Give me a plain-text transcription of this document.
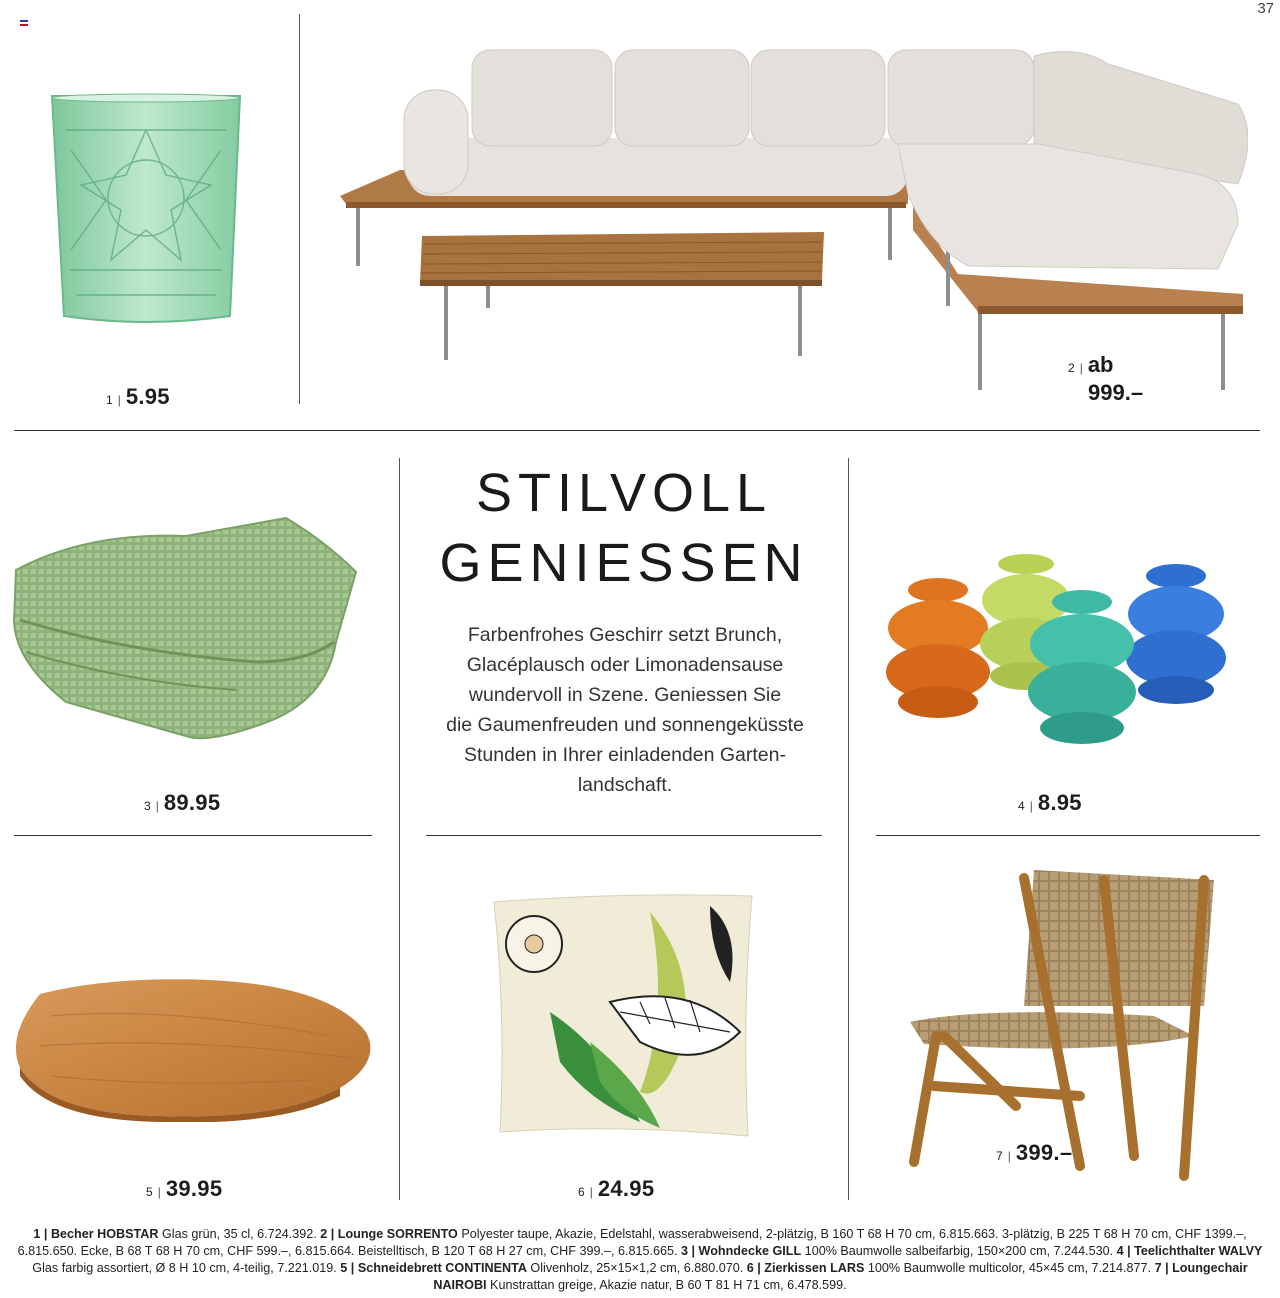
37
1 | 5.95
2 | ab
999.–
3 | 89.95
STILVOLL
GENIESSEN
Farbenfrohes Geschirr setzt Brunch,
Glacéplausch oder Limonadensause
wundervoll in Szene. Geniessen Sie
die Gaumenfreuden und sonnengeküsste
Stunden in Ihrer einladenden Garten-
landschaft.
4 | 8.95
5 | 39.95	6 | 24.95
7 | 399.–
1 | Becher HOBSTAR Glas grün, 35 cl, 6.724.392. 2 | Lounge SORRENTO Polyester taupe, Akazie, Edelstahl, wasserabweisend, 2-plätzig, B 160 T 68 H 70 cm, 6.815.663. 3-plätzig, B 225 T 68 H 70 cm, CHF 1399.–, 6.815.650. Ecke, B 68 T 68 H 70 cm, CHF 599.–, 6.815.664. Beistelltisch, B 120 T 68 H 27 cm, CHF 399.–, 6.815.665. 3 | Wohndecke GILL 100% Baumwolle salbeifarbig, 150×200 cm, 7.244.530. 4 | Teelichthalter WALVY Glas farbig assortiert, Ø 8 H 10 cm, 4-teilig, 7.221.019. 5 | Schneidebrett CONTINENTA Olivenholz, 25×15×1,2 cm, 6.880.070. 6 | Zierkissen LARS 100% Baumwolle multicolor, 45×45 cm, 7.214.877. 7 | Loungechair NAIROBI Kunstrattan greige, Akazie natur, B 60 T 81 H 71 cm, 6.478.599.
